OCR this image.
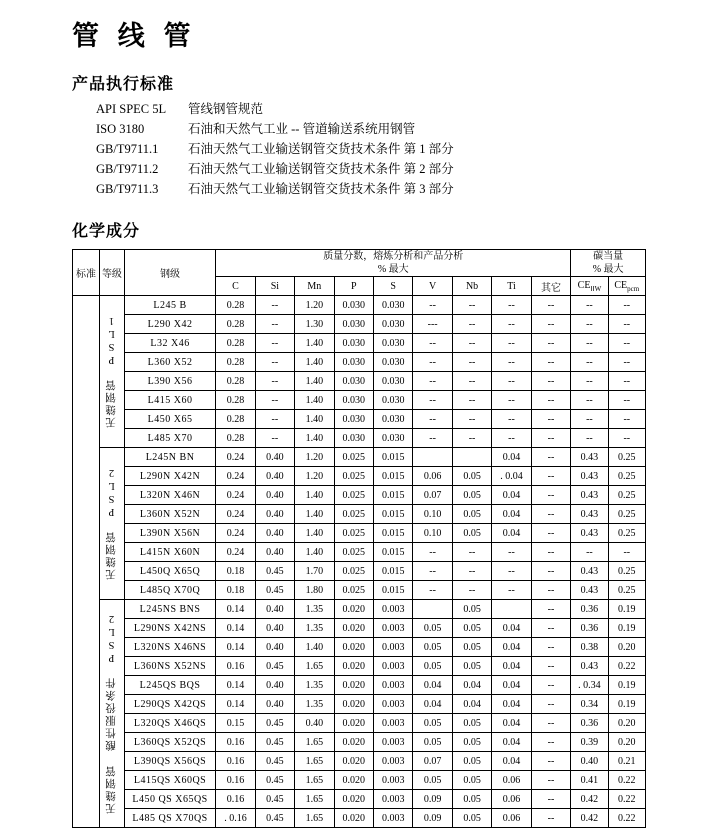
管 线 管
产品执行标准
API SPEC 5L	管线钢管规范
ISO 3180	石油和天然气工业 -- 管道输送系统用钢管
GB/T9711.1	石油天然气工业输送钢管交货技术条件 第 1 部分
GB/T9711.2	石油天然气工业输送钢管交货技术条件 第 2 部分
GB/T9711.3	石油天然气工业输送钢管交货技术条件 第 3 部分
化学成分
标准	等级	钢级	
质量分数，熔炼分析和产品分析
% 最大

碳当量
% 最大

			C	Si	Mn	P	S	V	Nb	Ti	其它	$CE_{ⅠⅠW}$	$CE_{pcm}$
	无缝钢管 PSL1	L245 B	0.28	--	1.20	0.030	0.030	--	--	--	--	--	--
		L290 X42	0.28	--	1.30	0.030	0.030	---	--	--	--	--	--
		L32 X46	0.28	--	1.40	0.030	0.030	--	--	--	--	--	--
		L360 X52	0.28	--	1.40	0.030	0.030	--	--	--	--	--	--
		L390 X56	0.28	--	1.40	0.030	0.030	--	--	--	--	--	--
		L415 X60	0.28	--	1.40	0.030	0.030	--	--	--	--	--	--
		L450 X65	0.28	--	1.40	0.030	0.030	--	--	--	--	--	--
		L485 X70	0.28	--	1.40	0.030	0.030	--	--	--	--	--	--
	无缝钢管 PSL2	L245N BN	0.24	0.40	1.20	0.025	0.015			0.04	--	0.43	0.25
		L290N X42N	0.24	0.40	1.20	0.025	0.015	0.06	0.05	. 0.04	--	0.43	0.25
		L320N X46N	0.24	0.40	1.40	0.025	0.015	0.07	0.05	0.04	--	0.43	0.25
		L360N X52N	0.24	0.40	1.40	0.025	0.015	0.10	0.05	0.04	--	0.43	0.25
		L390N X56N	0.24	0.40	1.40	0.025	0.015	0.10	0.05	0.04	--	0.43	0.25
		L415N X60N	0.24	0.40	1.40	0.025	0.015	--	--	--	--	--	--
		L450Q X65Q	0.18	0.45	1.70	0.025	0.015	--	--	--	--	0.43	0.25
		L485Q X70Q	0.18	0.45	1.80	0.025	0.015	--	--	--	--	0.43	0.25
	无缝钢管 酸性服役条件 PSL2	L245NS BNS	0.14	0.40	1.35	0.020	0.003		0.05		--	0.36	0.19
		L290NS X42NS	0.14	0.40	1.35	0.020	0.003	0.05	0.05	0.04	--	0.36	0.19
		L320NS X46NS	0.14	0.40	1.40	0.020	0.003	0.05	0.05	0.04	--	0.38	0.20
		L360NS X52NS	0.16	0.45	1.65	0.020	0.003	0.05	0.05	0.04	--	0.43	0.22
		L245QS BQS	0.14	0.40	1.35	0.020	0.003	0.04	0.04	0.04	--	. 0.34	0.19
		L290QS X42QS	0.14	0.40	1.35	0.020	0.003	0.04	0.04	0.04	--	0.34	0.19
		L320QS X46QS	0.15	0.45	0.40	0.020	0.003	0.05	0.05	0.04	--	0.36	0.20
		L360QS X52QS	0.16	0.45	1.65	0.020	0.003	0.05	0.05	0.04	--	0.39	0.20
		L390QS X56QS	0.16	0.45	1.65	0.020	0.003	0.07	0.05	0.04	--	0.40	0.21
		L415QS X60QS	0.16	0.45	1.65	0.020	0.003	0.05	0.05	0.06	--	0.41	0.22
		L450 QS X65QS	0.16	0.45	1.65	0.020	0.003	0.09	0.05	0.06	--	0.42	0.22
		L485 QS X70QS	. 0.16	0.45	1.65	0.020	0.003	0.09	0.05	0.06	--	0.42	0.22
